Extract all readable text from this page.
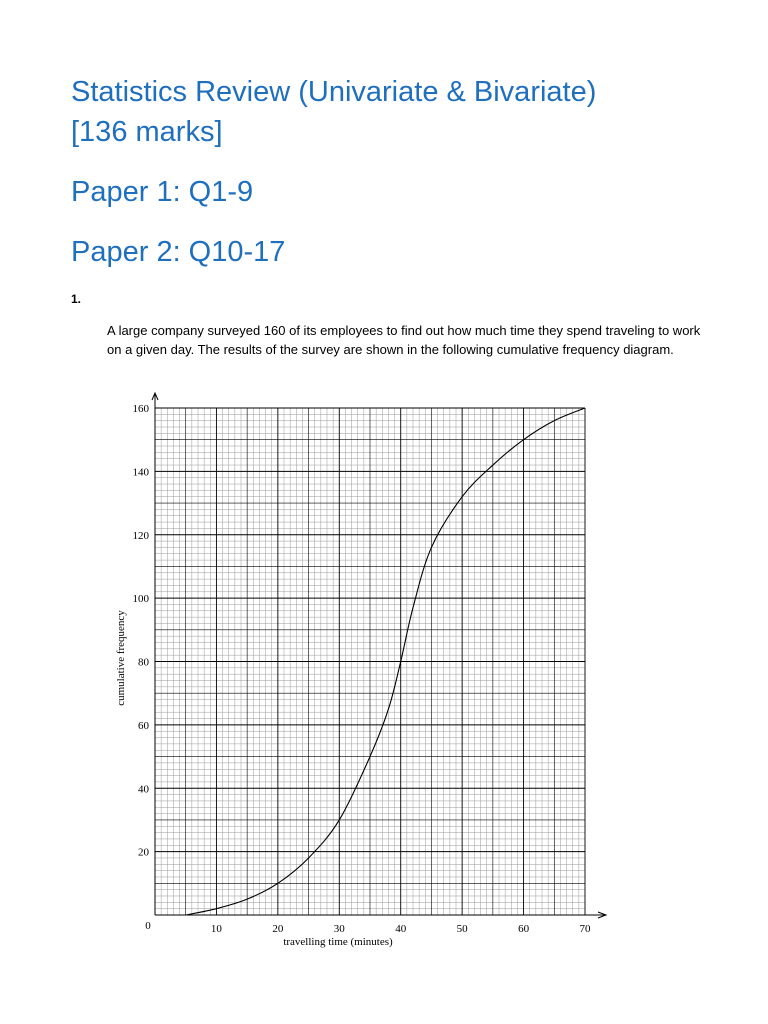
Statistics Review (Univariate & Bivariate)
[136 marks]
Paper 1: Q1-9
Paper 2: Q10-17
1.
A large company surveyed 160 of its employees to find out how much time they spend traveling to work on a given day. The results of the survey are shown in the following cumulative frequency diagram.
10	20	30	40	50	60	70
20
40
60
80
100
120
140
160
travelling time (minutes)
cumulative frequency
0
